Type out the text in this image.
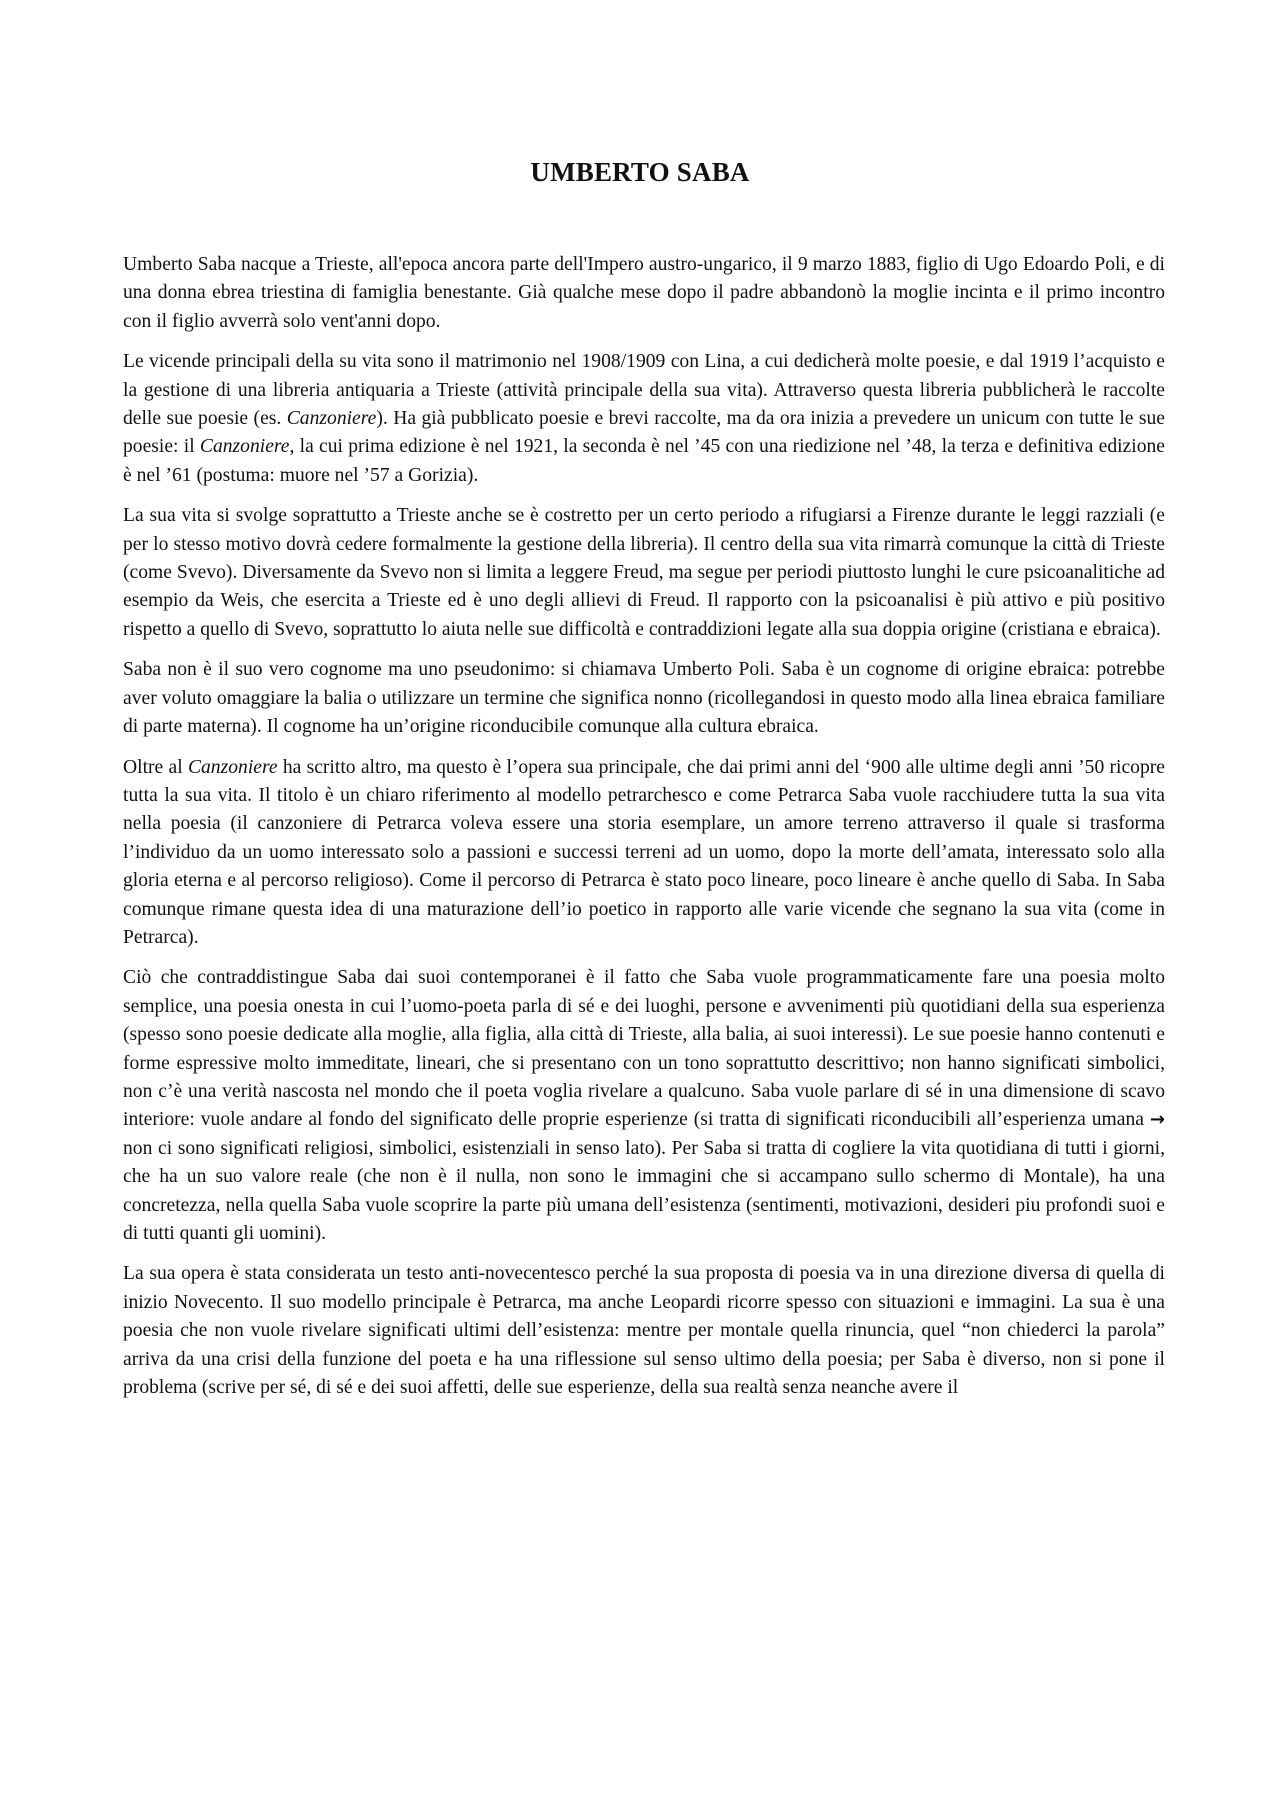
UMBERTO SABA

Umberto Saba nacque a Trieste, all'epoca ancora parte dell'Impero austro-ungarico, il 9 marzo 1883, figlio di Ugo Edoardo Poli, e di una donna ebrea triestina di famiglia benestante. Già qualche mese dopo il padre abbandonò la moglie incinta e il primo incontro con il figlio avverrà solo vent'anni dopo.

Le vicende principali della su vita sono il matrimonio nel 1908/1909 con Lina, a cui dedicherà molte poesie, e dal 1919 l’acquisto e la gestione di una libreria antiquaria a Trieste (attività principale della sua vita). Attraverso questa libreria pubblicherà le raccolte delle sue poesie (es. Canzoniere). Ha già pubblicato poesie e brevi raccolte, ma da ora inizia a prevedere un unicum con tutte le sue poesie: il Canzoniere, la cui prima edizione è nel 1921, la seconda è nel ’45 con una riedizione nel ’48, la terza e definitiva edizione è nel ’61 (postuma: muore nel ’57 a Gorizia).

La sua vita si svolge soprattutto a Trieste anche se è costretto per un certo periodo a rifugiarsi a Firenze durante le leggi razziali (e per lo stesso motivo dovrà cedere formalmente la gestione della libreria). Il centro della sua vita rimarrà comunque la città di Trieste (come Svevo). Diversamente da Svevo non si limita a leggere Freud, ma segue per periodi piuttosto lunghi le cure psicoanalitiche ad esempio da Weis, che esercita a Trieste ed è uno degli allievi di Freud. Il rapporto con la psicoanalisi è più attivo e più positivo rispetto a quello di Svevo, soprattutto lo aiuta nelle sue difficoltà e contraddizioni legate alla sua doppia origine (cristiana e ebraica).

Saba non è il suo vero cognome ma uno pseudonimo: si chiamava Umberto Poli. Saba è un cognome di origine ebraica: potrebbe aver voluto omaggiare la balia o utilizzare un termine che significa nonno (ricollegandosi in questo modo alla linea ebraica familiare di parte materna). Il cognome ha un’origine riconducibile comunque alla cultura ebraica.

Oltre al Canzoniere ha scritto altro, ma questo è l’opera sua principale, che dai primi anni del ‘900 alle ultime degli anni ’50 ricopre tutta la sua vita. Il titolo è un chiaro riferimento al modello petrarchesco e come Petrarca Saba vuole racchiudere tutta la sua vita nella poesia (il canzoniere di Petrarca voleva essere una storia esemplare, un amore terreno attraverso il quale si trasforma l’individuo da un uomo interessato solo a passioni e successi terreni ad un uomo, dopo la morte dell’amata, interessato solo alla gloria eterna e al percorso religioso). Come il percorso di Petrarca è stato poco lineare, poco lineare è anche quello di Saba. In Saba comunque rimane questa idea di una maturazione dell’io poetico in rapporto alle varie vicende che segnano la sua vita (come in Petrarca).

Ciò che contraddistingue Saba dai suoi contemporanei è il fatto che Saba vuole programmaticamente fare una poesia molto semplice, una poesia onesta in cui l’uomo-poeta parla di sé e dei luoghi, persone e avvenimenti più quotidiani della sua esperienza (spesso sono poesie dedicate alla moglie, alla figlia, alla città di Trieste, alla balia, ai suoi interessi). Le sue poesie hanno contenuti e forme espressive molto immeditate, lineari, che si presentano con un tono soprattutto descrittivo; non hanno significati simbolici, non c’è una verità nascosta nel mondo che il poeta voglia rivelare a qualcuno. Saba vuole parlare di sé in una dimensione di scavo interiore: vuole andare al fondo del significato delle proprie esperienze (si tratta di significati riconducibili all’esperienza umana → non ci sono significati religiosi, simbolici, esistenziali in senso lato). Per Saba si tratta di cogliere la vita quotidiana di tutti i giorni, che ha un suo valore reale (che non è il nulla, non sono le immagini che si accampano sullo schermo di Montale), ha una concretezza, nella quella Saba vuole scoprire la parte più umana dell’esistenza (sentimenti, motivazioni, desideri piu profondi suoi e di tutti quanti gli uomini).

La sua opera è stata considerata un testo anti-novecentesco perché la sua proposta di poesia va in una direzione diversa di quella di inizio Novecento. Il suo modello principale è Petrarca, ma anche Leopardi ricorre spesso con situazioni e immagini. La sua è una poesia che non vuole rivelare significati ultimi dell’esistenza: mentre per montale quella rinuncia, quel “non chiederci la parola” arriva da una crisi della funzione del poeta e ha una riflessione sul senso ultimo della poesia; per Saba è diverso, non si pone il problema (scrive per sé, di sé e dei suoi affetti, delle sue esperienze, della sua realtà senza neanche avere il
